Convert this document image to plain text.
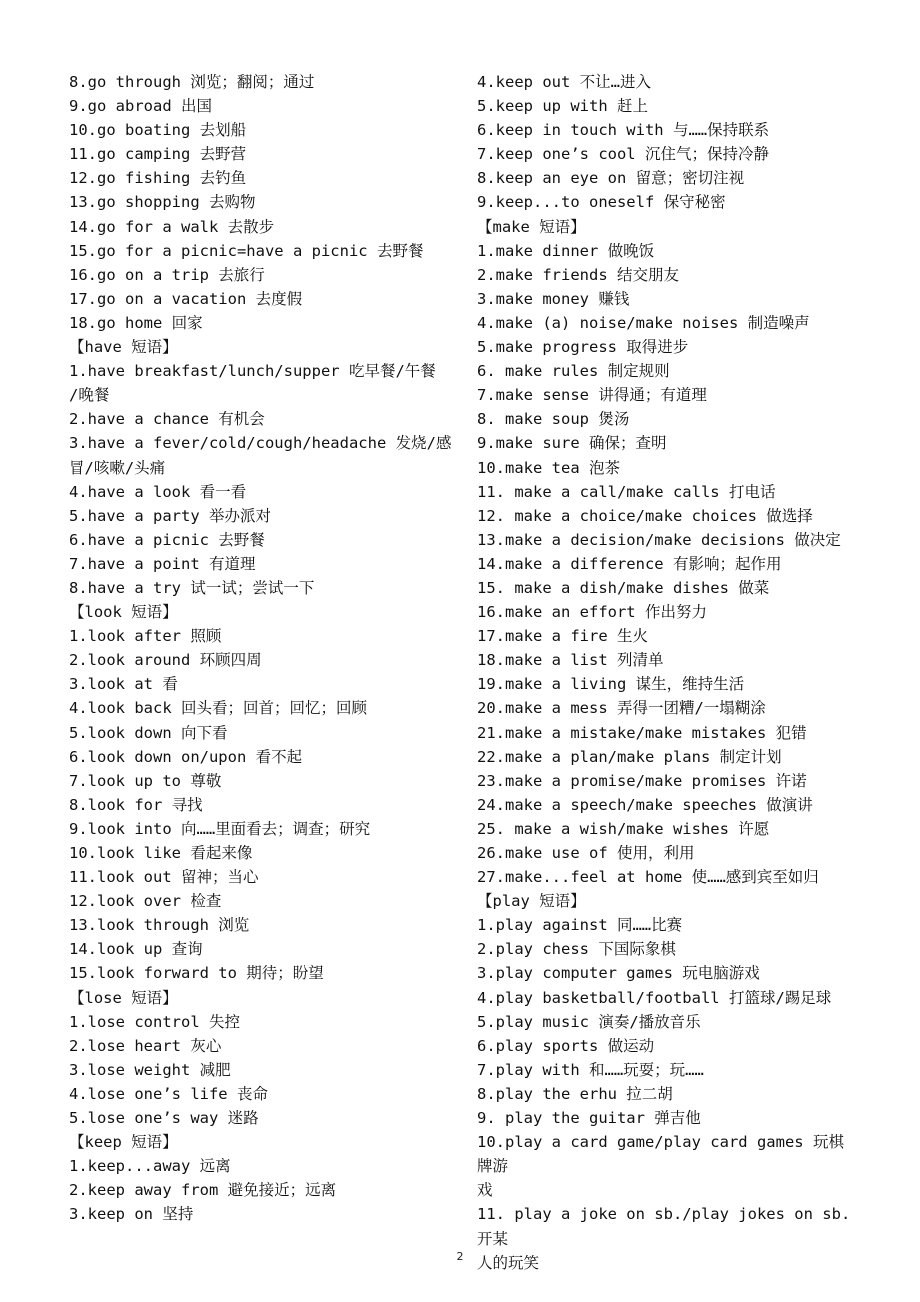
8.go through 浏览；翻阅；通过
9.go abroad 出国
10.go boating 去划船
11.go camping 去野营
12.go fishing 去钓鱼
13.go shopping 去购物
14.go for a walk 去散步
15.go for a picnic=have a picnic 去野餐
16.go on a trip 去旅行
17.go on a vacation 去度假
18.go home 回家
【have 短语】
1.have breakfast/lunch/supper 吃早餐/午餐
/晚餐
2.have a chance 有机会
3.have a fever/cold/cough/headache 发烧/感
冒/咳嗽/头痛
4.have a look 看一看
5.have a party 举办派对
6.have a picnic 去野餐
7.have a point 有道理
8.have a try 试一试；尝试一下
【look 短语】
1.look after 照顾
2.look around 环顾四周
3.look at 看
4.look back 回头看；回首；回忆；回顾
5.look down 向下看
6.look down on/upon 看不起
7.look up to 尊敬
8.look for 寻找
9.look into 向……里面看去；调查；研究
10.look like 看起来像
11.look out 留神；当心
12.look over 检查
13.look through 浏览
14.look up 查询
15.look forward to 期待；盼望
【lose 短语】
1.lose control 失控
2.lose heart 灰心
3.lose weight 减肥
4.lose one’s life 丧命
5.lose one’s way 迷路
【keep 短语】
1.keep...away 远离
2.keep away from 避免接近；远离
3.keep on 坚持
4.keep out 不让…进入
5.keep up with 赶上
6.keep in touch with 与……保持联系
7.keep one’s cool 沉住气；保持冷静
8.keep an eye on 留意；密切注视
9.keep...to oneself 保守秘密
【make 短语】
1.make dinner 做晚饭
2.make friends 结交朋友
3.make money 赚钱
4.make (a) noise/make noises 制造噪声
5.make progress 取得进步
6. make rules 制定规则
7.make sense 讲得通；有道理
8. make soup 煲汤
9.make sure 确保；查明
10.make tea 泡茶
11. make a call/make calls 打电话
12. make a choice/make choices 做选择
13.make a decision/make decisions 做决定
14.make a difference 有影响；起作用
15. make a dish/make dishes 做菜
16.make an effort 作出努力
17.make a fire 生火
18.make a list 列清单
19.make a living 谋生，维持生活
20.make a mess 弄得一团糟/一塌糊涂
21.make a mistake/make mistakes 犯错
22.make a plan/make plans 制定计划
23.make a promise/make promises 许诺
24.make a speech/make speeches 做演讲
25. make a wish/make wishes 许愿
26.make use of 使用，利用
27.make...feel at home 使……感到宾至如归
【play 短语】
1.play against 同……比赛
2.play chess 下国际象棋
3.play computer games 玩电脑游戏
4.play basketball/football 打篮球/踢足球
5.play music 演奏/播放音乐
6.play sports 做运动
7.play with 和……玩耍；玩……
8.play the erhu 拉二胡
9. play the guitar 弹吉他
10.play a card game/play card games 玩棋牌游
戏
11. play a joke on sb./play jokes on sb. 开某
人的玩笑
2
